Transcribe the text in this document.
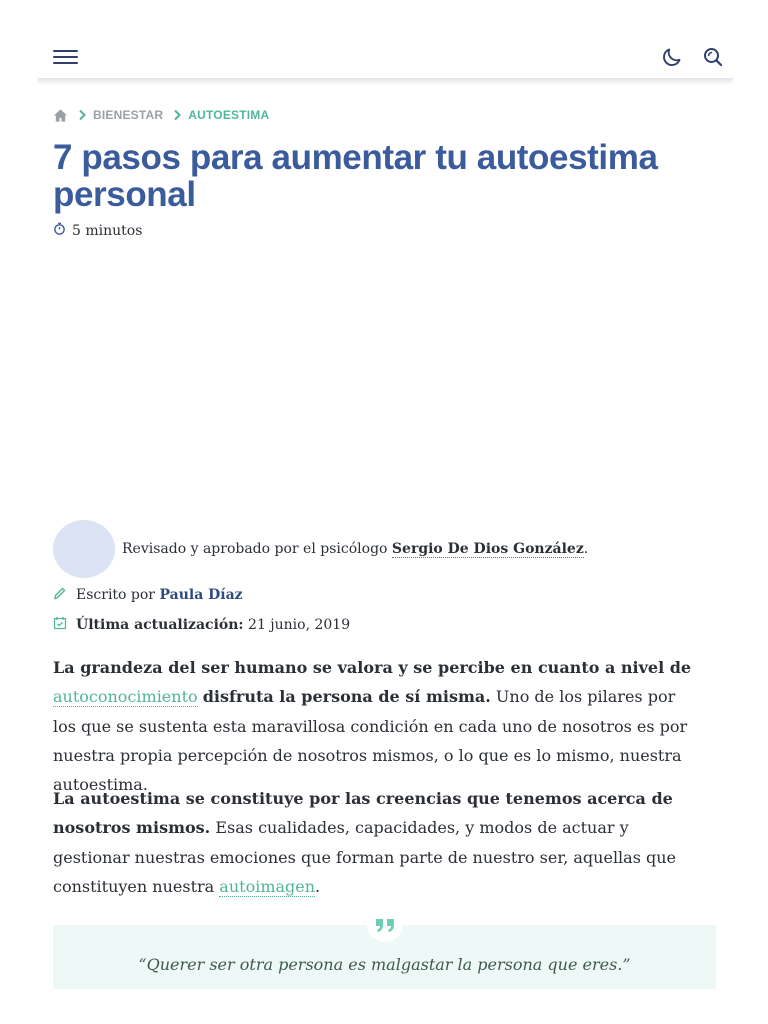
BIENESTAR AUTOESTIMA
7 pasos para aumentar tu autoestima personal
5 minutos

Revisado y aprobado por el psicólogo Sergio De Dios González.

Escrito por
Paula Díaz
Última actualización:
21 junio, 2019

La grandeza del ser humano se valora y se percibe en cuanto a nivel de autoconocimiento disfruta la persona de sí misma. Uno de los pilares por los que se sustenta esta maravillosa condición en cada uno de nosotros es por nuestra propia percepción de nosotros mismos, o lo que es lo mismo, nuestra autoestima.

La autoestima se constituye por las creencias que tenemos acerca de nosotros mismos. Esas cualidades, capacidades, y modos de actuar y gestionar nuestras emociones que forman parte de nuestro ser, aquellas que constituyen nuestra autoimagen.

“Querer ser otra persona es malgastar la persona que eres.”
